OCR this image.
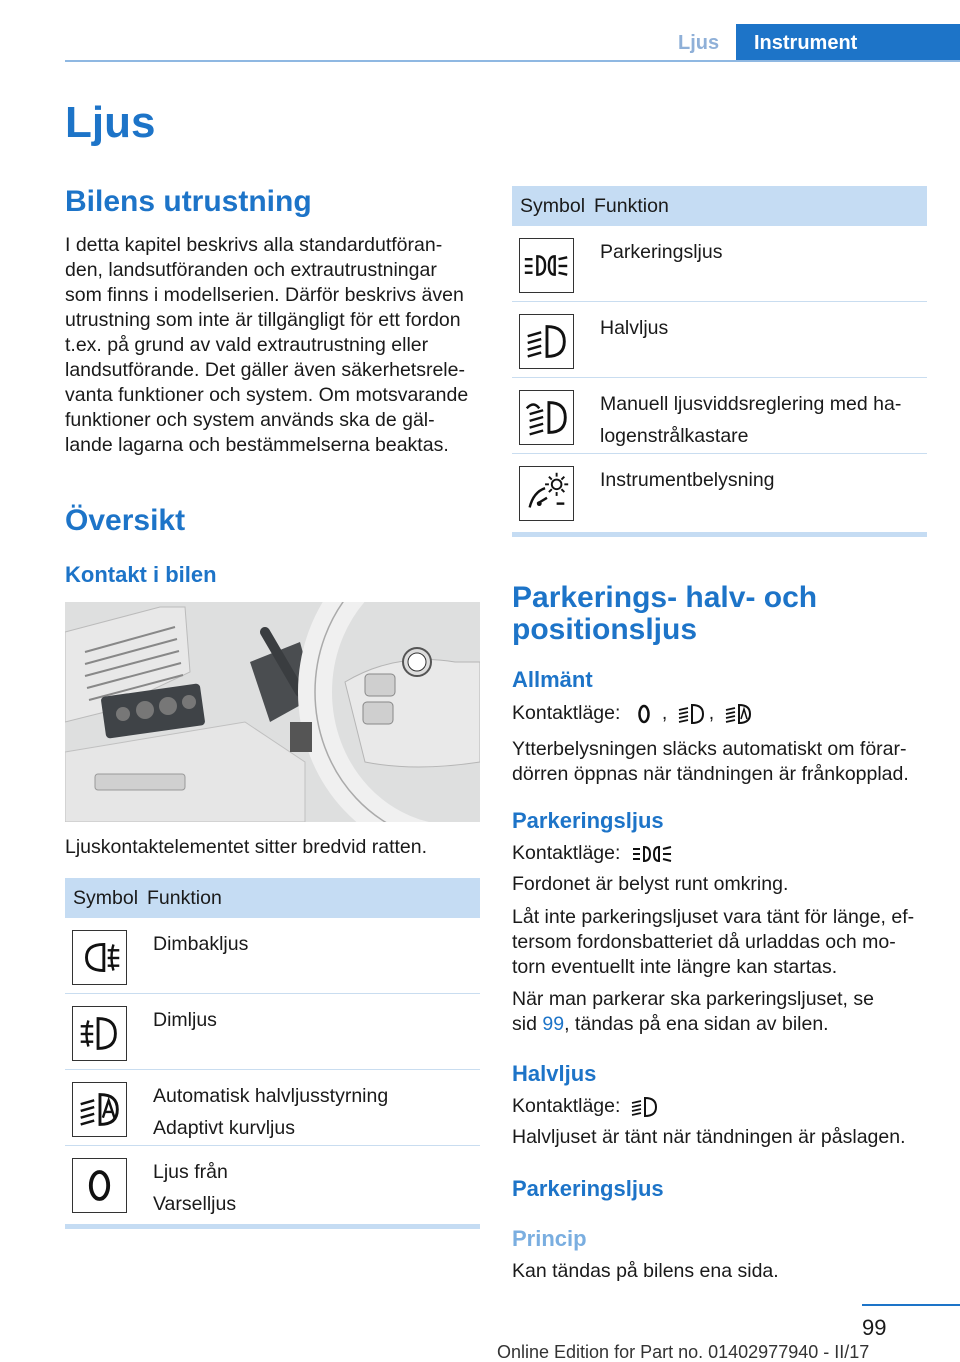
Ljus	Instrument
Ljus
Bilens utrustning
I detta kapitel beskrivs alla standardutföran-
den, landsutföranden och extrautrustningar
som finns i modellserien. Därför beskrivs även
utrustning som inte är tillgängligt för ett fordon
t.ex. på grund av vald extrautrustning eller
landsutförande. Det gäller även säkerhetsrele-
vanta funktioner och system. Om motsvarande
funktioner och system används ska de gäl-
lande lagarna och bestämmelserna beaktas.
Översikt
Kontakt i bilen
Ljuskontaktelementet sitter bredvid ratten.
Symbol Funktion
Dimbakljus
Dimljus
Automatisk halvljusstyrning
Adaptivt kurvljus
Ljus från
Varselljus
Symbol Funktion
Parkeringsljus
Halvljus
Manuell ljusviddsreglering med ha-
logenstrålkastare
Instrumentbelysning
Parkerings- halv- och
positionsljus
Allmänt
Kontaktläge: , ,
Ytterbelysningen släcks automatiskt om förar-
dörren öppnas när tändningen är frånkopplad.
Parkeringsljus
Kontaktläge:
Fordonet är belyst runt omkring.
Låt inte parkeringsljuset vara tänt för länge, ef-
tersom fordonsbatteriet då urladdas och mo-
torn eventuellt inte längre kan startas.
När man parkerar ska parkeringsljuset, se
sid 99, tändas på ena sidan av bilen.
Halvljus
Kontaktläge:
Halvljuset är tänt när tändningen är påslagen.
Parkeringsljus
Princip
Kan tändas på bilens ena sida.
99
Online Edition for Part no. 01402977940 - II/17
